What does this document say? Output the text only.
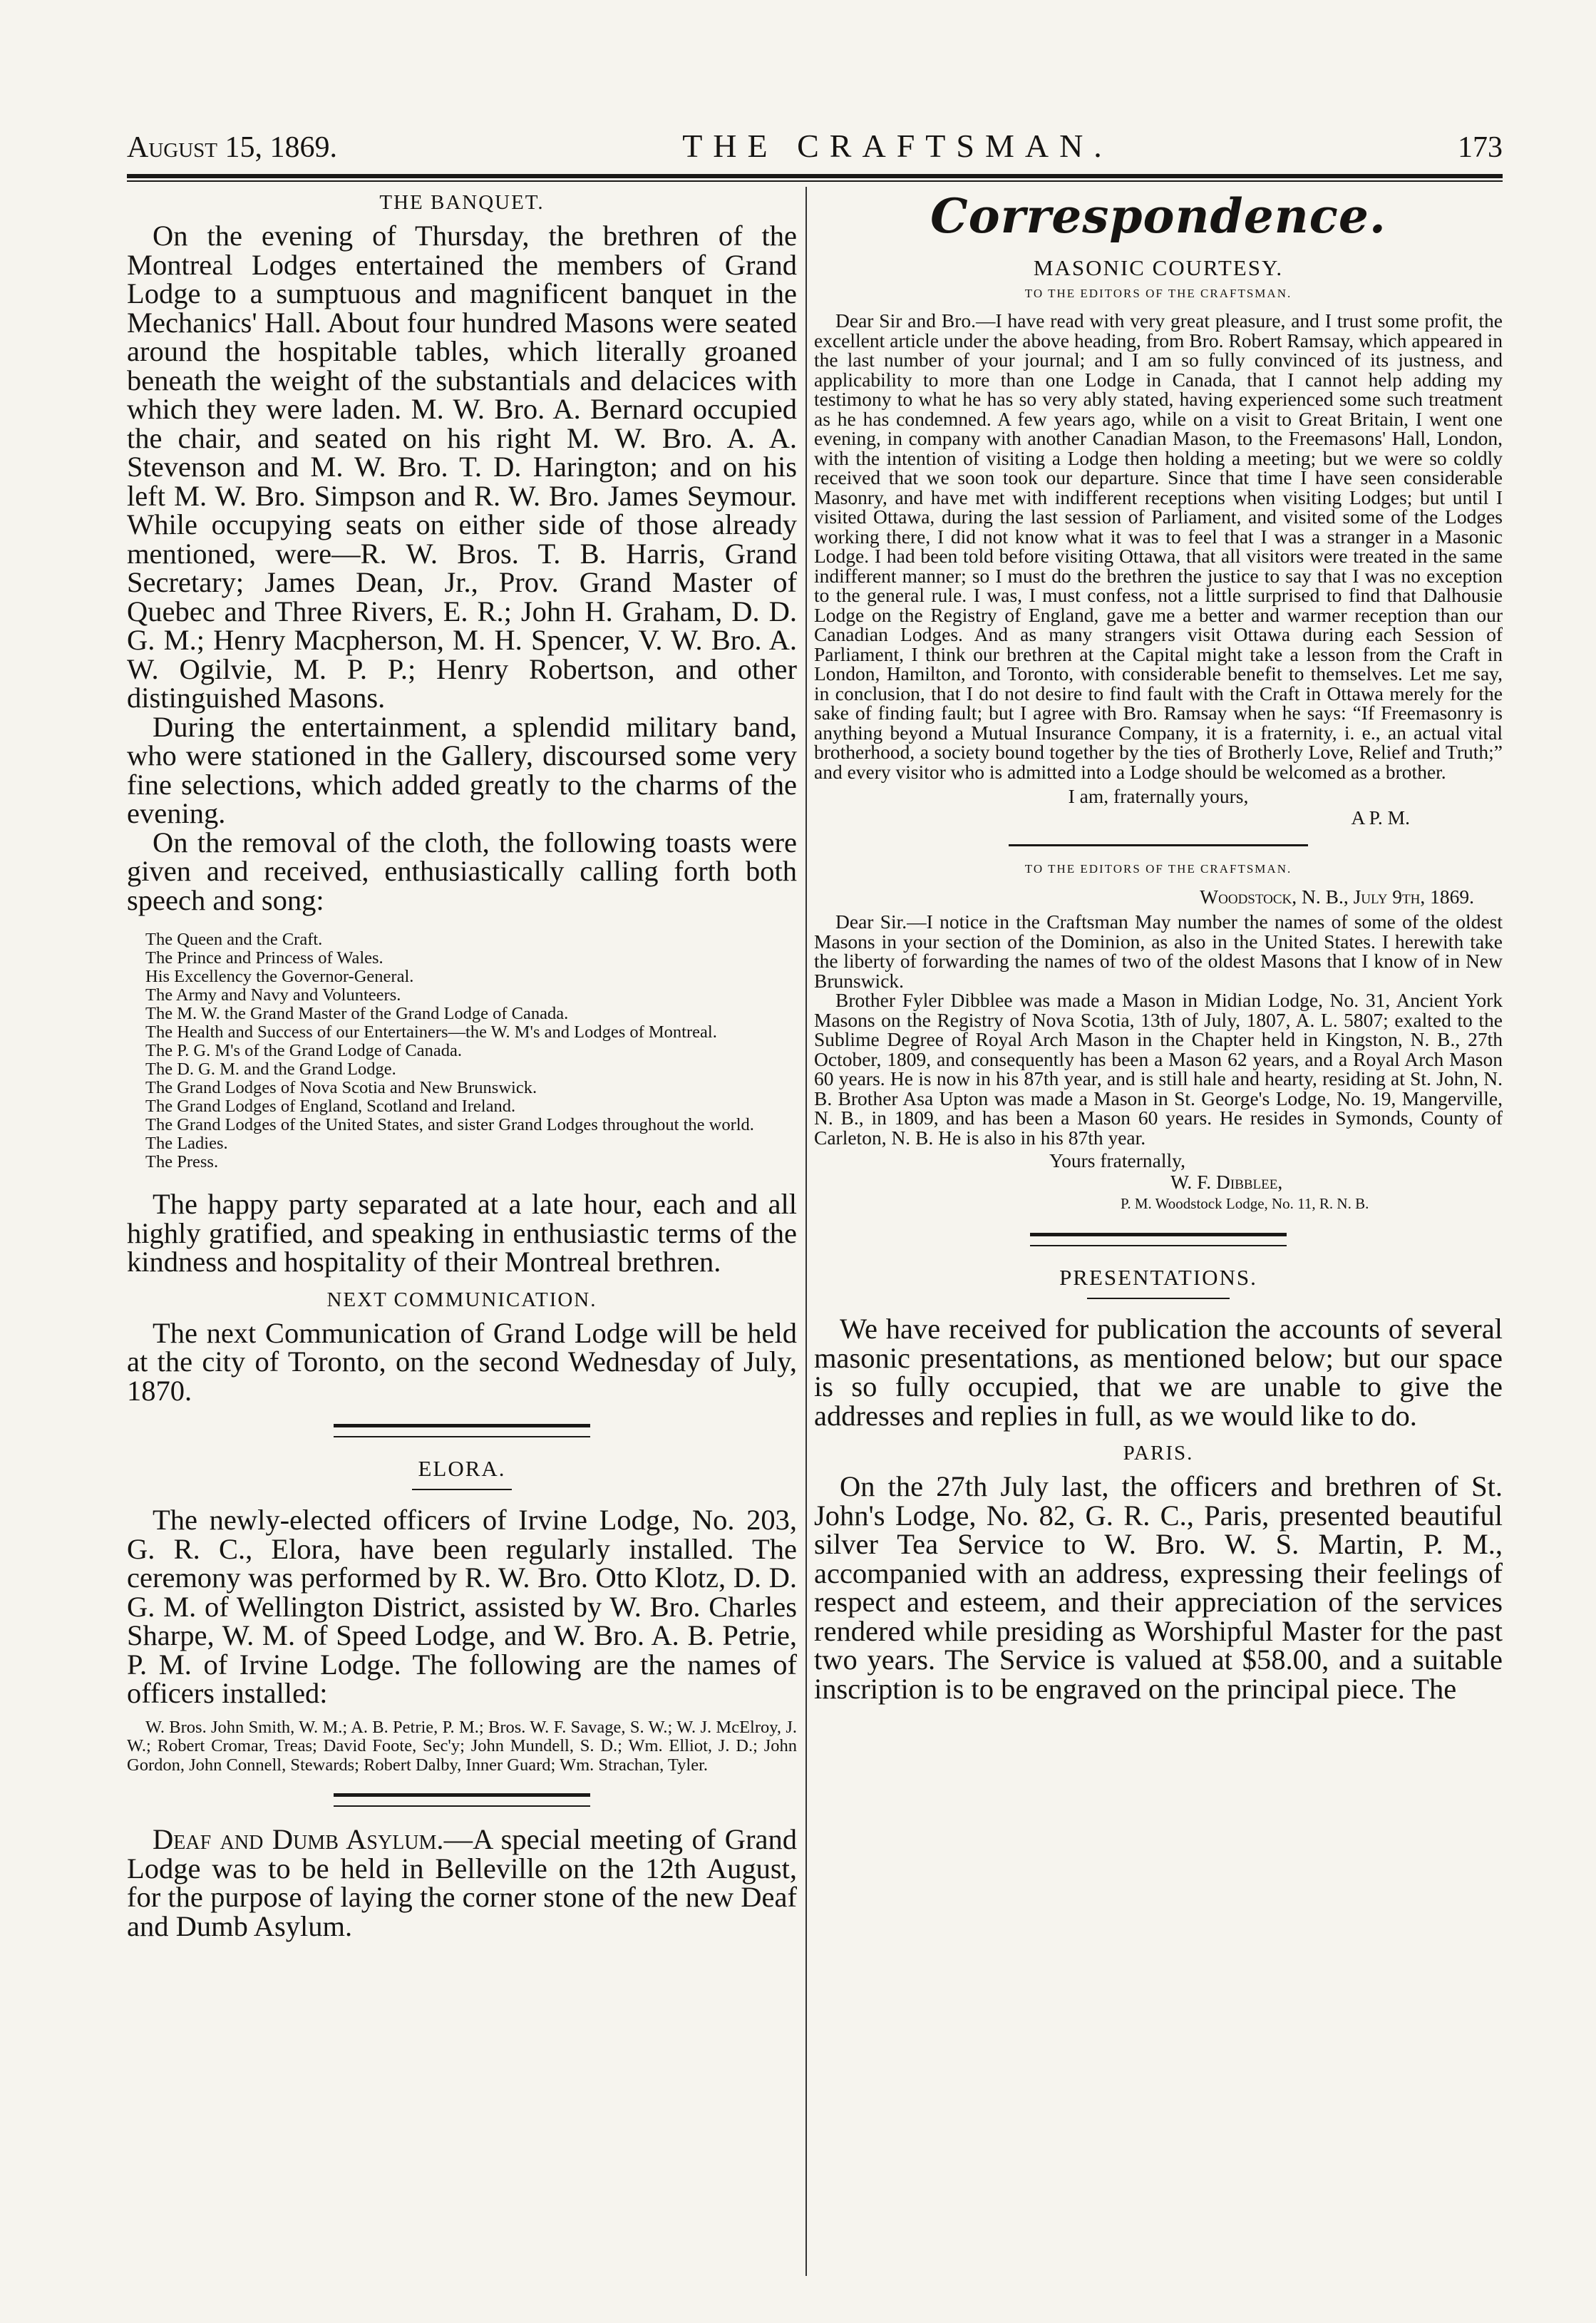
August 15, 1869.	THE CRAFTSMAN.	173
THE BANQUET.

On the evening of Thursday, the brethren of the Montreal Lodges entertained the members of Grand Lodge to a sumptuous and magnificent banquet in the Mechanics' Hall. About four hundred Masons were seated around the hospitable tables, which literally groaned beneath the weight of the substantials and delacices with which they were laden. M. W. Bro. A. Bernard occupied the chair, and seated on his right M. W. Bro. A. A. Stevenson and M. W. Bro. T. D. Harington; and on his left M. W. Bro. Simpson and R. W. Bro. James Seymour. While occupying seats on either side of those already mentioned, were—R. W. Bros. T. B. Harris, Grand Secretary; James Dean, Jr., Prov. Grand Master of Quebec and Three Rivers, E. R.; John H. Graham, D. D. G. M.; Henry Macpherson, M. H. Spencer, V. W. Bro. A. W. Ogilvie, M. P. P.; Henry Robertson, and other distinguished Masons.

During the entertainment, a splendid military band, who were stationed in the Gallery, discoursed some very fine selections, which added greatly to the charms of the evening.

On the removal of the cloth, the following toasts were given and received, enthusiastically calling forth both speech and song:

The Queen and the Craft.
The Prince and Princess of Wales.
His Excellency the Governor-General.
The Army and Navy and Volunteers.
The M. W. the Grand Master of the Grand Lodge of Canada.
The Health and Success of our Entertainers—the W. M's and Lodges of Montreal.
The P. G. M's of the Grand Lodge of Canada.
The D. G. M. and the Grand Lodge.
The Grand Lodges of Nova Scotia and New Brunswick.
The Grand Lodges of England, Scotland and Ireland.
The Grand Lodges of the United States, and sister Grand Lodges throughout the world.
The Ladies.
The Press.

The happy party separated at a late hour, each and all highly gratified, and speaking in enthusiastic terms of the kindness and hospitality of their Montreal brethren.

NEXT COMMUNICATION.

The next Communication of Grand Lodge will be held at the city of Toronto, on the second Wednesday of July, 1870.

ELORA.

The newly-elected officers of Irvine Lodge, No. 203, G. R. C., Elora, have been regularly installed. The ceremony was performed by R. W. Bro. Otto Klotz, D. D. G. M. of Wellington District, assisted by W. Bro. Charles Sharpe, W. M. of Speed Lodge, and W. Bro. A. B. Petrie, P. M. of Irvine Lodge. The following are the names of officers installed:

W. Bros. John Smith, W. M.; A. B. Petrie, P. M.; Bros. W. F. Savage, S. W.; W. J. McElroy, J. W.; Robert Cromar, Treas; David Foote, Sec'y; John Mundell, S. D.; Wm. Elliot, J. D.; John Gordon, John Connell, Stewards; Robert Dalby, Inner Guard; Wm. Strachan, Tyler.

Deaf and Dumb Asylum.—A special meeting of Grand Lodge was to be held in Belleville on the 12th August, for the purpose of laying the corner stone of the new Deaf and Dumb Asylum.

Correspondence.
MASONIC COURTESY.
TO THE EDITORS OF THE CRAFTSMAN.

Dear Sir and Bro.—I have read with very great pleasure, and I trust some profit, the excellent article under the above heading, from Bro. Robert Ramsay, which appeared in the last number of your journal; and I am so fully convinced of its justness, and applicability to more than one Lodge in Canada, that I cannot help adding my testimony to what he has so very ably stated, having experienced some such treatment as he has condemned. A few years ago, while on a visit to Great Britain, I went one evening, in company with another Canadian Mason, to the Freemasons' Hall, London, with the intention of visiting a Lodge then holding a meeting; but we were so coldly received that we soon took our departure. Since that time I have seen considerable Masonry, and have met with indifferent receptions when visiting Lodges; but until I visited Ottawa, during the last session of Parliament, and visited some of the Lodges working there, I did not know what it was to feel that I was a stranger in a Masonic Lodge. I had been told before visiting Ottawa, that all visitors were treated in the same indifferent manner; so I must do the brethren the justice to say that I was no exception to the general rule. I was, I must confess, not a little surprised to find that Dalhousie Lodge on the Registry of England, gave me a better and warmer reception than our Canadian Lodges. And as many strangers visit Ottawa during each Session of Parliament, I think our brethren at the Capital might take a lesson from the Craft in London, Hamilton, and Toronto, with considerable benefit to themselves. Let me say, in conclusion, that I do not desire to find fault with the Craft in Ottawa merely for the sake of finding fault; but I agree with Bro. Ramsay when he says: “If Freemasonry is anything beyond a Mutual Insurance Company, it is a fraternity, i. e., an actual vital brotherhood, a society bound together by the ties of Brotherly Love, Relief and Truth;” and every visitor who is admitted into a Lodge should be welcomed as a brother.

I am, fraternally yours,
A P. M.
TO THE EDITORS OF THE CRAFTSMAN.
Woodstock, N. B., July 9th, 1869.

Dear Sir.—I notice in the Craftsman May number the names of some of the oldest Masons in your section of the Dominion, as also in the United States. I herewith take the liberty of forwarding the names of two of the oldest Masons that I know of in New Brunswick.

Brother Fyler Dibblee was made a Mason in Midian Lodge, No. 31, Ancient York Masons on the Registry of Nova Scotia, 13th of July, 1807, A. L. 5807; exalted to the Sublime Degree of Royal Arch Mason in the Chapter held in Kingston, N. B., 27th October, 1809, and consequently has been a Mason 62 years, and a Royal Arch Mason 60 years. He is now in his 87th year, and is still hale and hearty, residing at St. John, N. B. Brother Asa Upton was made a Mason in St. George's Lodge, No. 19, Mangerville, N. B., in 1809, and has been a Mason 60 years. He resides in Symonds, County of Carleton, N. B. He is also in his 87th year.

Yours fraternally,
W. F. Dibblee,
P. M. Woodstock Lodge, No. 11, R. N. B.
PRESENTATIONS.

We have received for publication the accounts of several masonic presentations, as mentioned below; but our space is so fully occupied, that we are unable to give the addresses and replies in full, as we would like to do.

PARIS.

On the 27th July last, the officers and brethren of St. John's Lodge, No. 82, G. R. C., Paris, presented beautiful silver Tea Service to W. Bro. W. S. Martin, P. M., accompanied with an address, expressing their feelings of respect and esteem, and their appreciation of the services rendered while presiding as Worshipful Master for the past two years. The Service is valued at $58.00, and a suitable inscription is to be engraved on the principal piece. The
